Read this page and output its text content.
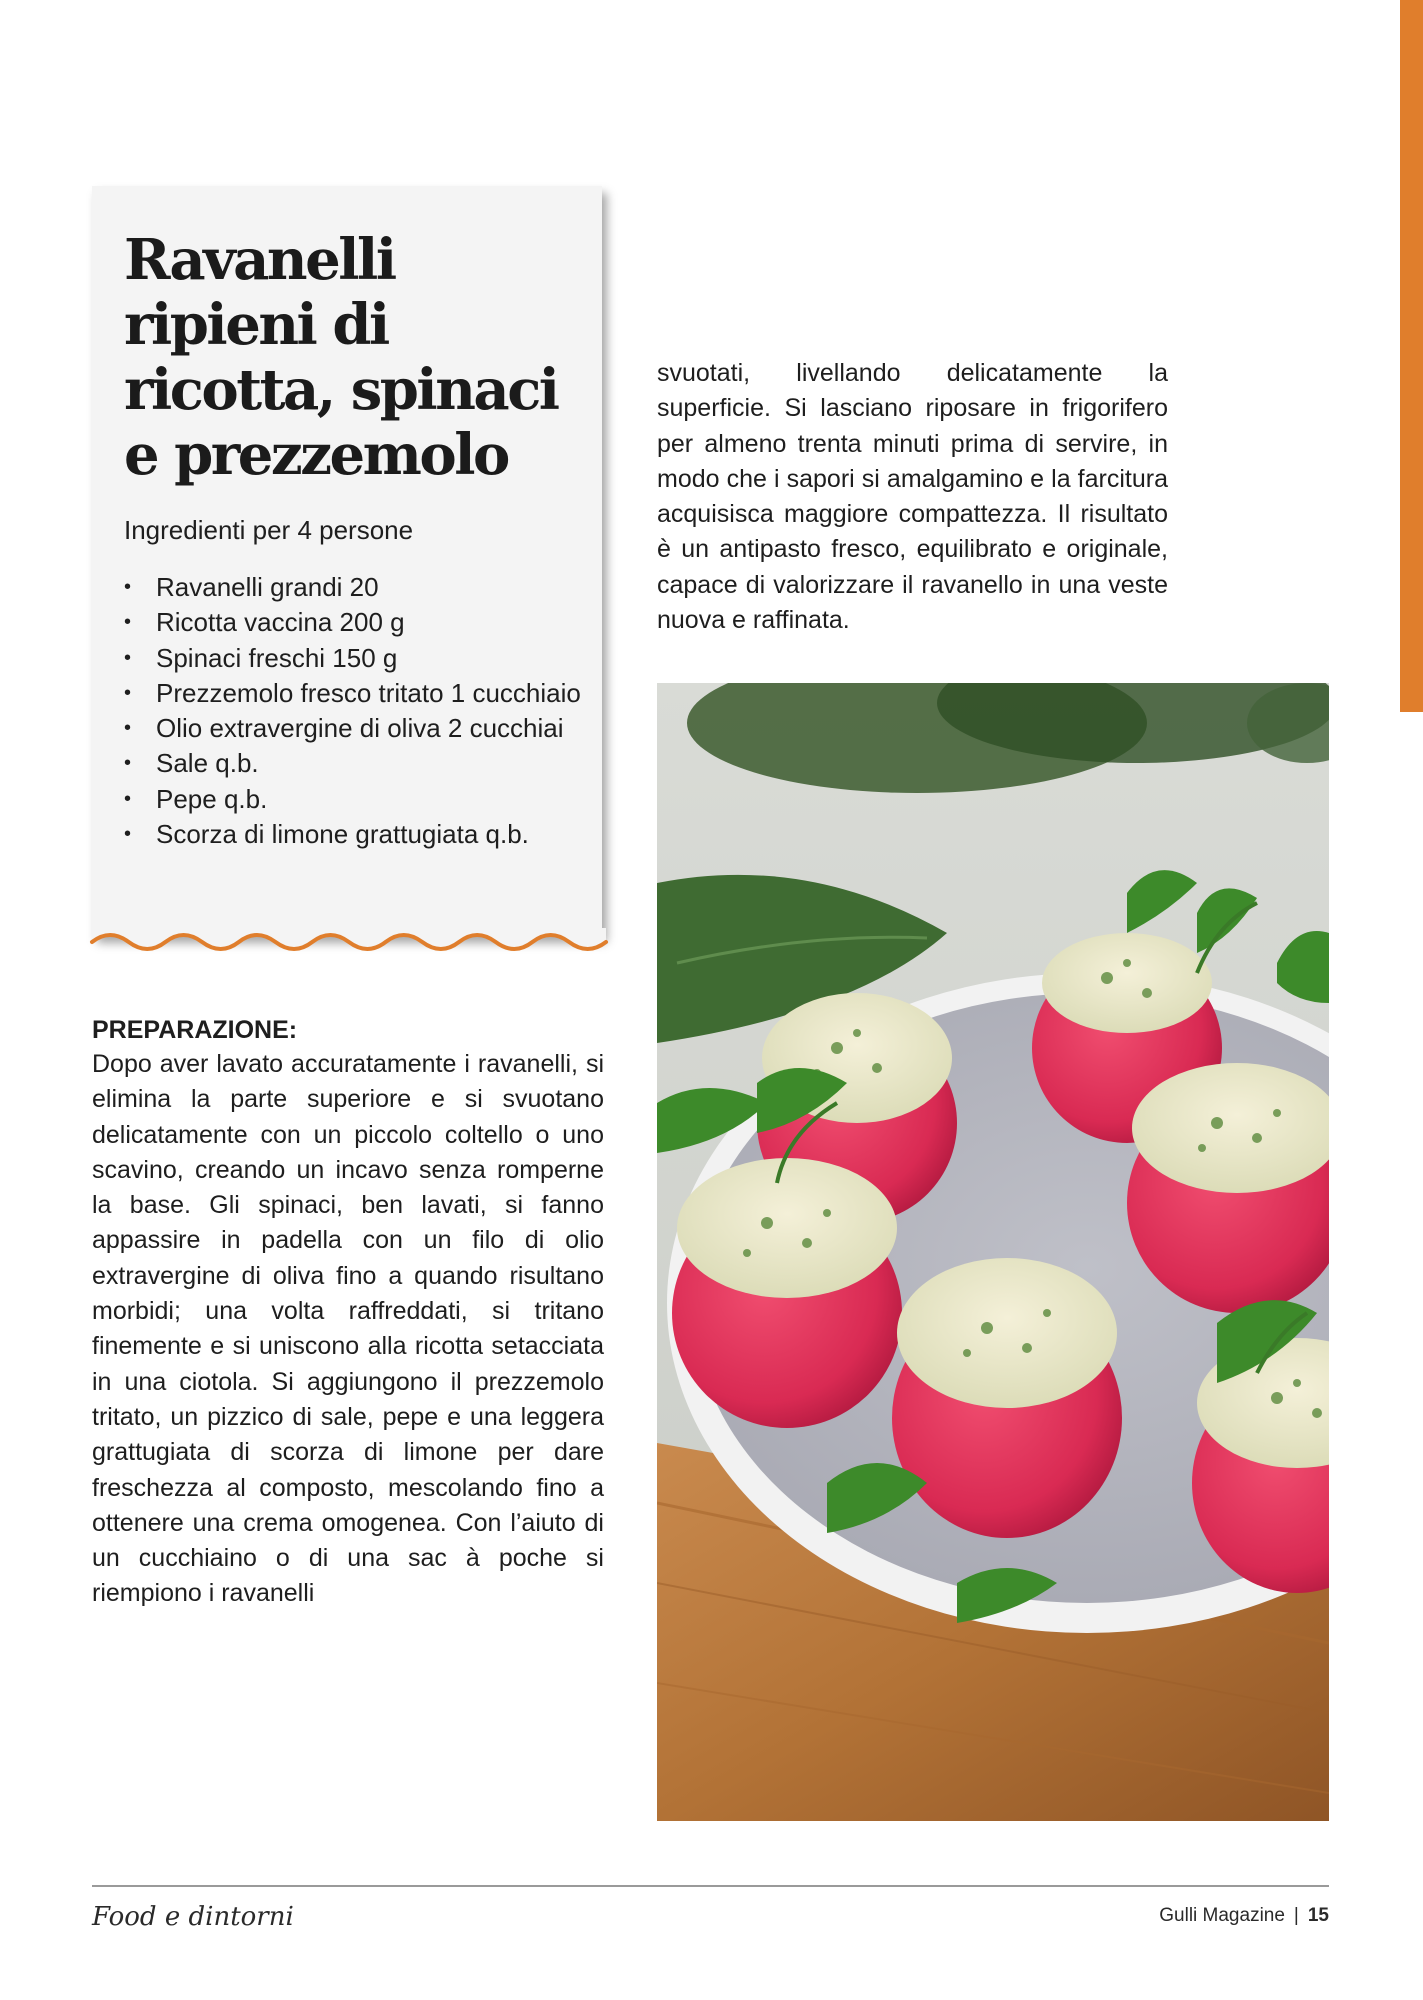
Ravanelli ripieni di ricotta, spinaci e prezzemolo

Ingredienti per 4 persone

• Ravanelli grandi 20
• Ricotta vaccina 200 g
• Spinaci freschi 150 g
• Prezzemolo fresco tritato 1 cucchiaio
• Olio extravergine di oliva 2 cucchiai
• Sale q.b.
• Pepe q.b.
• Scorza di limone grattugiata q.b.
PREPARAZIONE:

Dopo aver lavato accuratamente i ravanelli, si elimina la parte superiore e si svuotano delicatamente con un piccolo coltello o uno scavino, creando un incavo senza romperne la base. Gli spinaci, ben lavati, si fanno appassire in padella con un filo di olio extravergine di oliva fino a quando risultano morbidi; una volta raffreddati, si tritano finemente e si uniscono alla ricotta setacciata in una ciotola. Si aggiungono il prezzemolo tritato, un pizzico di sale, pepe e una leggera grattugiata di scorza di limone per dare freschezza al composto, mescolando fino a ottenere una crema omogenea. Con l’aiuto di un cucchiaino o di una sac à poche si riempiono i ravanelli

svuotati, livellando delicatamente la superficie. Si lasciano riposare in frigorifero per almeno trenta minuti prima di servire, in modo che i sapori si amalgamino e la farcitura acquisisca maggiore compattezza. Il risultato è un antipasto fresco, equilibrato e originale, capace di valorizzare il ravanello in una veste nuova e raffinata.

Food e dintorni	Gulli Magazine | 15
